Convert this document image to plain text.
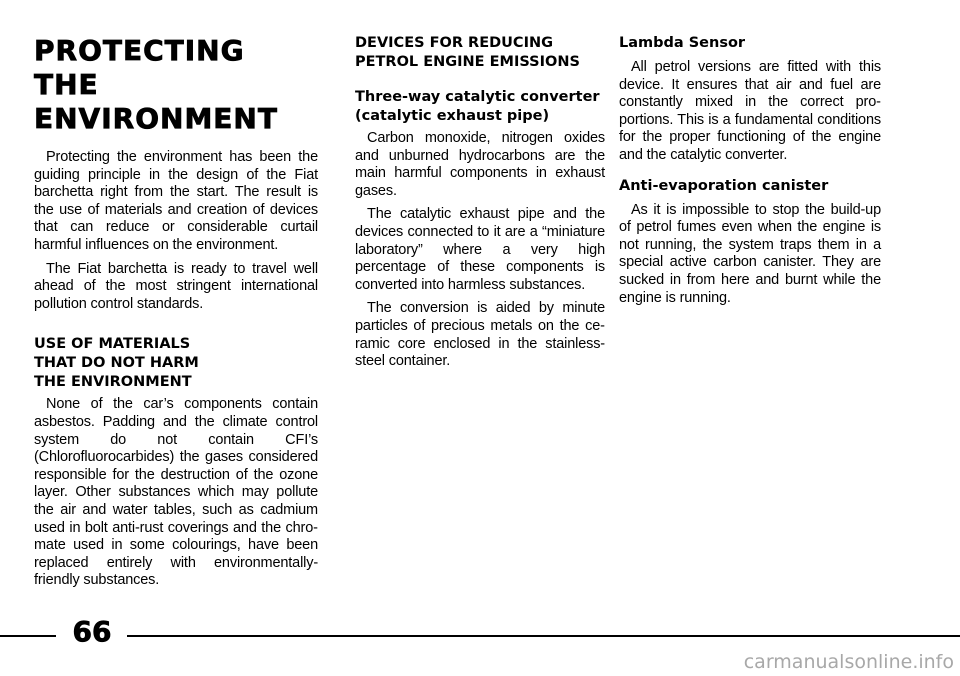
PROTECTING THE
ENVIRONMENT

Protecting the environment has been the guiding principle in the design of the Fiat barchetta right from the start. The result is the use of materials and creation of devices that can reduce or considerable curtail harmful influences on the environment.

The Fiat barchetta is ready to travel well ahead of the most stringent international pollution control standards.

USE OF MATERIALS
THAT DO NOT HARM
THE ENVIRONMENT

None of the car’s components contain asbestos. Padding and the climate control system do not contain CFI’s (Chlorofluorocarbides) the gases considered responsible for the destruction of the ozone layer. Other substances which may pollute the air and water tables, such as cadmium used in bolt anti-rust coverings and the chromate used in some colourings, have been replaced entirely with environmentally-friendly substances.

DEVICES FOR REDUCING
PETROL ENGINE EMISSIONS
Three-way catalytic converter
(catalytic exhaust pipe)

Carbon monoxide, nitrogen oxides and unburned hydrocarbons are the main harmful components in exhaust gases.

The catalytic exhaust pipe and the devices connected to it are a “miniature laboratory” where a very high percentage of these components is converted into harmless substances.

The conversion is aided by minute particles of precious metals on the ceramic core enclosed in the stainless-steel container.

Lambda Sensor

All petrol versions are fitted with this device. It ensures that air and fuel are constantly mixed in the correct proportions. This is a fundamental conditions for the proper functioning of the engine and the catalytic converter.

Anti-evaporation canister

As it is impossible to stop the build-up of petrol fumes even when the engine is not running, the system traps them in a special active carbon canister. They are sucked in from here and burnt while the engine is running.

66
carmanualsonline.info
